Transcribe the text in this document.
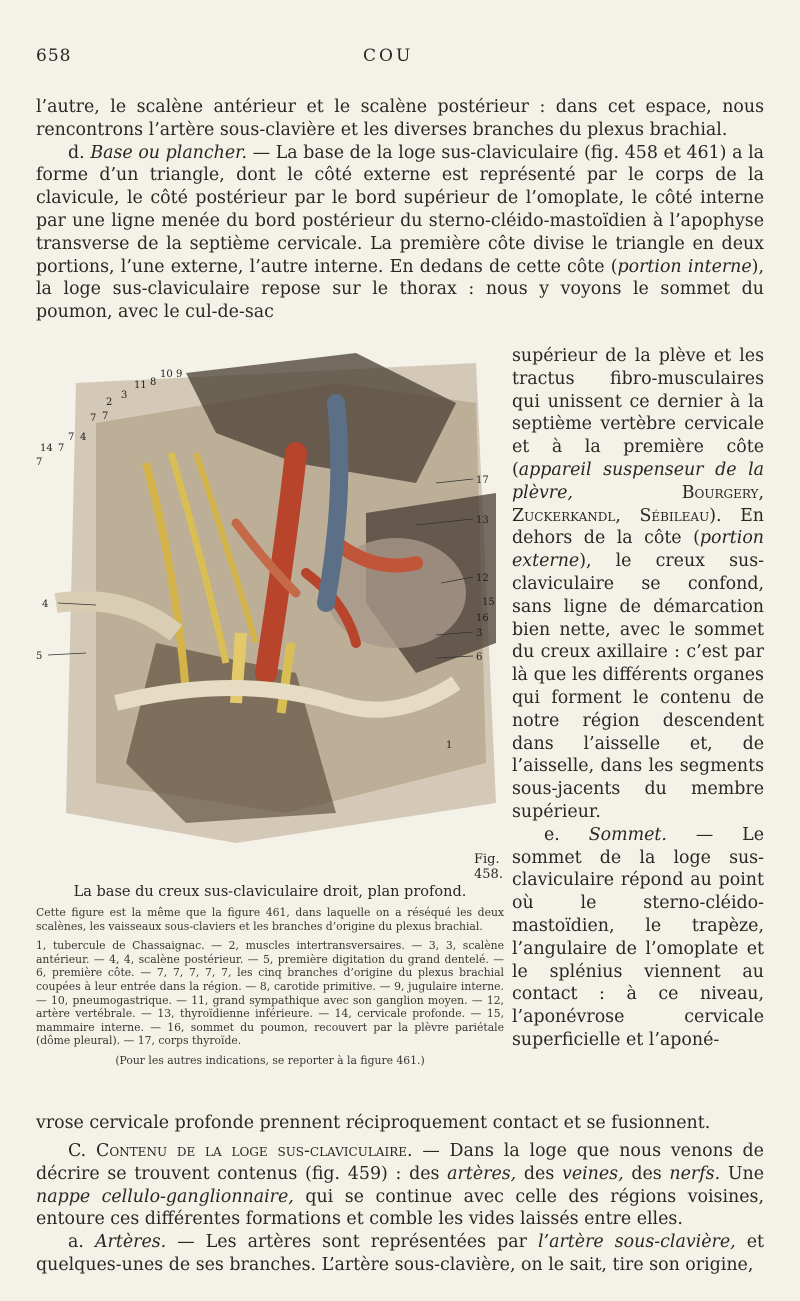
658	COU

l’autre, le scalène antérieur et le scalène postérieur : dans cet espace, nous rencontrons l’artère sous-clavière et les diverses branches du plexus brachial.

d. Base ou plancher. — La base de la loge sus-claviculaire (fig. 458 et 461) a la forme d’un triangle, dont le côté externe est représenté par le corps de la clavicule, le côté postérieur par le bord supérieur de l’omoplate, le côté interne par une ligne menée du bord postérieur du sterno-cléido-mastoïdien à l’apophyse transverse de la septième cervicale. La première côte divise le triangle en deux portions, l’une externe, l’autre interne. En dedans de cette côte (portion interne), la loge sus-claviculaire repose sur le thorax : nous y voyons le sommet du poumon, avec le cul-de-sac

2
3
11 8
10 9
7 7
7 4
7
14
7
17
13
12
4	15
16
5
3
6
1
Fig. 458.
La base du creux sus-claviculaire droit, plan profond.

Cette figure est la même que la figure 461, dans laquelle on a réséqué les deux scalènes, les vaisseaux sous-claviers et les branches d’origine du plexus brachial.

1, tubercule de Chassaignac. — 2, muscles intertransversaires. — 3, 3, scalène antérieur. — 4, 4, scalène postérieur. — 5, première digitation du grand dentelé. — 6, première côte. — 7, 7, 7, 7, 7, les cinq branches d’origine du plexus brachial coupées à leur entrée dans la région. — 8, carotide primitive. — 9, jugulaire interne. — 10, pneumogastrique. — 11, grand sympathique avec son ganglion moyen. — 12, artère vertébrale. — 13, thyroïdienne inférieure. — 14, cervicale profonde. — 15, mammaire interne. — 16, sommet du poumon, recouvert par la plèvre pariétale (dôme pleural). — 17, corps thyroïde.

(Pour les autres indications, se reporter à la figure 461.)

supérieur de la plève et les tractus fibro-musculaires qui unissent ce dernier à la septième vertèbre cervicale et à la première côte (appareil suspenseur de la plèvre,	Bourgery, Zuckerkandl, Sébileau). En dehors de la côte (portion externe), le creux sus-claviculaire se confond, sans ligne de démarcation bien nette, avec le sommet du creux axillaire : c’est par là que les différents organes qui forment le contenu de notre région descendent dans l’aisselle et, de l’aisselle, dans les segments sous-jacents du membre supérieur.

e. Sommet. — Le sommet de la loge sus-claviculaire répond au point où le sterno-cléido-mastoïdien, le trapèze, l’angulaire de l’omoplate et le splénius viennent au contact : à ce niveau, l’aponévrose cervicale superficielle et l’aponé-

vrose cervicale profonde prennent réciproquement contact et se fusionnent.

C. Contenu de la loge sus-claviculaire. — Dans la loge que nous venons de décrire se trouvent contenus (fig. 459) : des artères, des veines, des nerfs. Une nappe cellulo-ganglionnaire, qui se continue avec celle des régions voisines, entoure ces différentes formations et comble les vides laissés entre elles.

a. Artères. — Les artères sont représentées par l’artère sous-clavière, et quelques-unes de ses branches. L’artère sous-clavière, on le sait, tire son origine,
